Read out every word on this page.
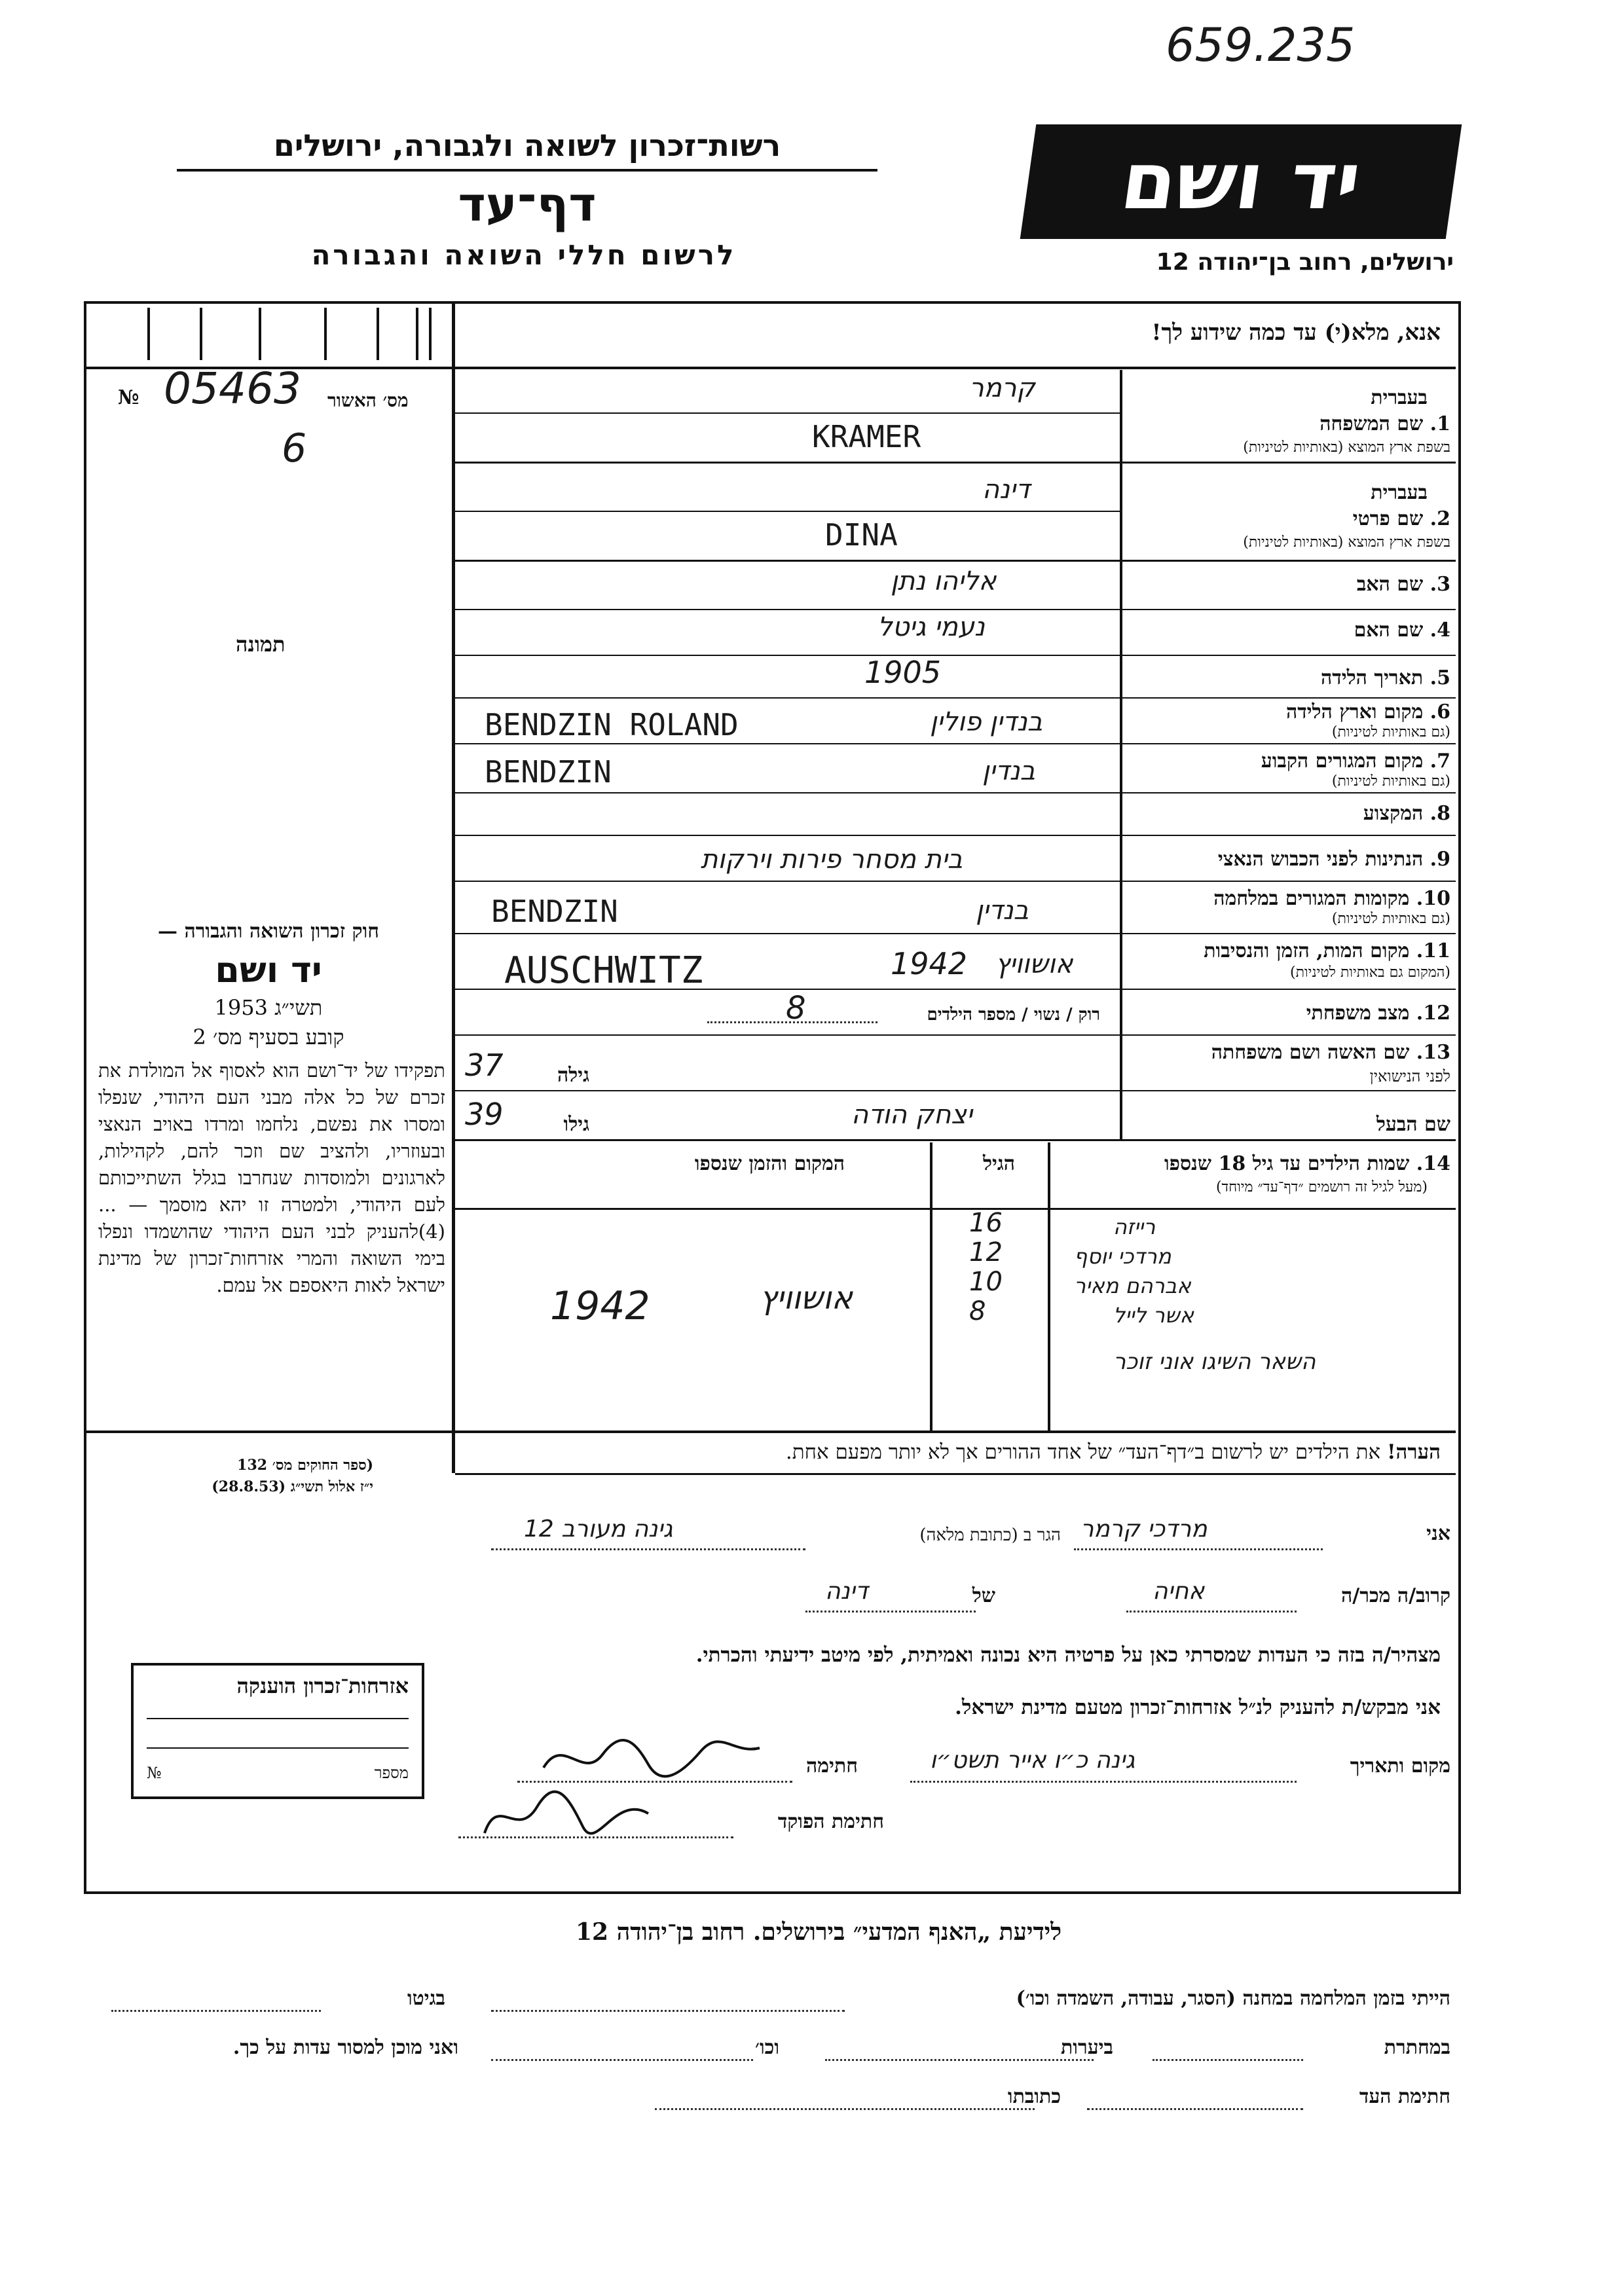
659.235
יד ושם
רשות־זכרון לשואה ולגבורה, ירושלים
דף־עד
לרשום חללי השואה והגבורה	ירושלים, רחוב בן־יהודה 12
אנא, מלא(י) עד כמה שידוע לך!
№ 05463 מס׳ האשור
6
תמונה
חוק זכרון השואה והגבורה —
יד ושם
תשי״ג 1953
קובע בסעיף מס׳ 2
תפקידו של יד־ושם הוא לאסוף אל המולדת את זכרם של כל אלה מבני העם היהודי, שנפלו ומסרו את נפשם, נלחמו ומרדו באויב הנאצי ובעוזריו, ולהציב שם וזכר להם, לקהילות, לארגונים ולמוסדות שנחרבו בגלל השתייכותם לעם היהודי, ולמטרה זו יהא מוסמך — ...(4)להעניק לבני העם היהודי שהושמדו ונפלו בימי השואה והמרי אזרחות־זכרון של מדינת ישראל לאות היאספם אל עמם.
(ספר החוקים מס׳ 132
י״ז אלול תשי״ג (28.8.53)
אזרחות־זכרון הוענקה
מספר
№
בעברית
1. שם המשפחה
בשפת ארץ המוצא (באותיות לטיניות)
קרמר
KRAMER
בעברית
2. שם פרטי
בשפת ארץ המוצא (באותיות לטיניות)
דינה
DINA
3. שם האב
אליהו נתן
4. שם האם
נעמי גיטל
5. תאריך הלידה
1905
6. מקום וארץ הלידה
(גם באותיות לטיניות)
BENDZIN ROLAND	בנדין פולין
7. מקום המגורים הקבוע
(גם באותיות לטיניות)
BENDZIN	בנדין
8. המקצוע
9. הנתינות לפני הכבוש הנאצי
בית מסחר פירות וירקות
10. מקומות המגורים במלחמה
(גם באותיות לטיניות)
BENDZIN	בנדין
11. מקום המות, הזמן והנסיבות
(המקום גם באותיות לטיניות)
AUSCHWITZ	1942 אושוויץ
12. מצב משפחתי
רוק / נשוי / מספר הילדים
8
13. שם האשה ושם משפחתה
לפני הנישואין
גילה
37
שם הבעל
גילו
39	יצחק הודה
14. שמות הילדים עד גיל 18 שנספו
(מעל לגיל זה רושמים ״דף־עד״ מיוחד)
הגיל
המקום והזמן שנספו
רייזה
16
מרדכי יוסף
12
אברהם מאיר
10
אשר לייל
8
1942	אושוויץ
השאר השיגו אוני זוכר
הערה! את הילדים יש לרשום ב״דף־העד״ של אחד ההורים אך לא יותר מפעם אחת.
אני
מרדכי קרמר
הגר ב (כתובת מלאה)
גינה מעורב 12
קרוב/ה מכר/ה
אחיה
של
דינה
מצהיר/ה בזה כי העדות שמסרתי כאן על פרטיה היא נכונה ואמיתית, לפי מיטב ידיעתי והכרתי.
אני מבקש/ת להעניק לנ״ל אזרחות־זכרון מטעם מדינת ישראל.
מקום ותאריך
גינה כ״ו אייר תשט״ו
חתימה
חתימת הפוקד
לידיעת „האנף המדעי״ בירושלים. רחוב בן־יהודה 12
הייתי בזמן המלחמה במחנה (הסגר, עבודה, השמדה וכו׳)
בגיטו
במחתרת
ביערות
וכו׳
ואני מוכן למסור עדות על כך.
חתימת העד
כתובתו
